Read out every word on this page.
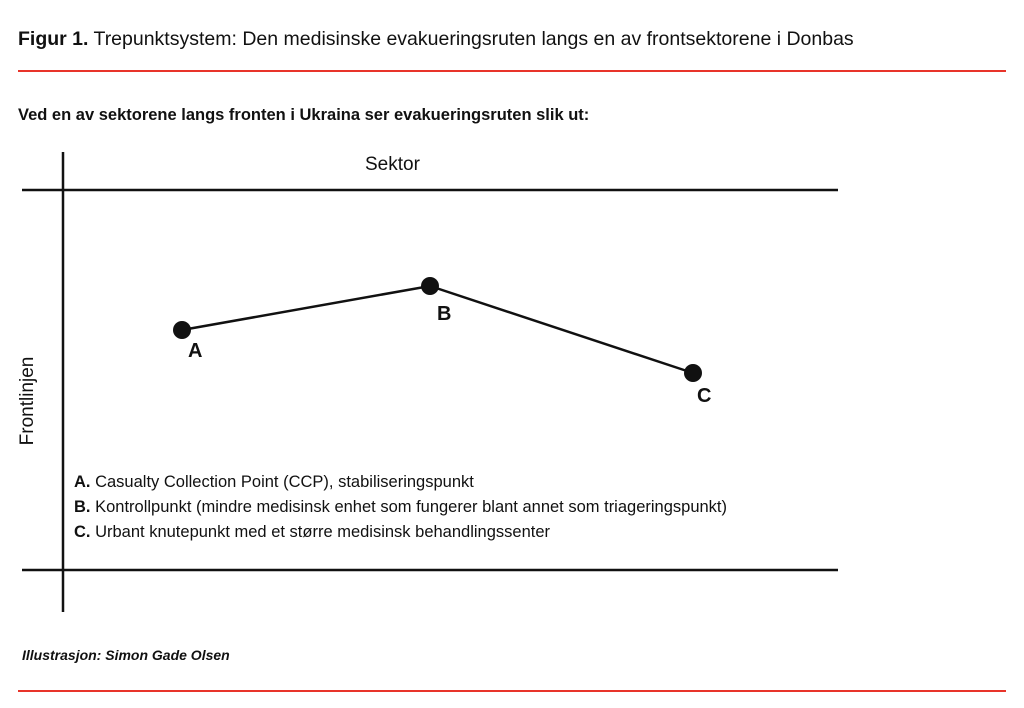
Figur 1. Trepunktsystem: Den medisinske evakueringsruten langs en av frontsektorene i Donbas
Ved en av sektorene langs fronten i Ukraina ser evakueringsruten slik ut:
Sektor
Frontlinjen
A
B
C
A. Casualty Collection Point (CCP), stabiliseringspunkt
B. Kontrollpunkt (mindre medisinsk enhet som fungerer blant annet som triageringspunkt)
C. Urbant knutepunkt med et større medisinsk behandlingssenter
Illustrasjon: Simon Gade Olsen
